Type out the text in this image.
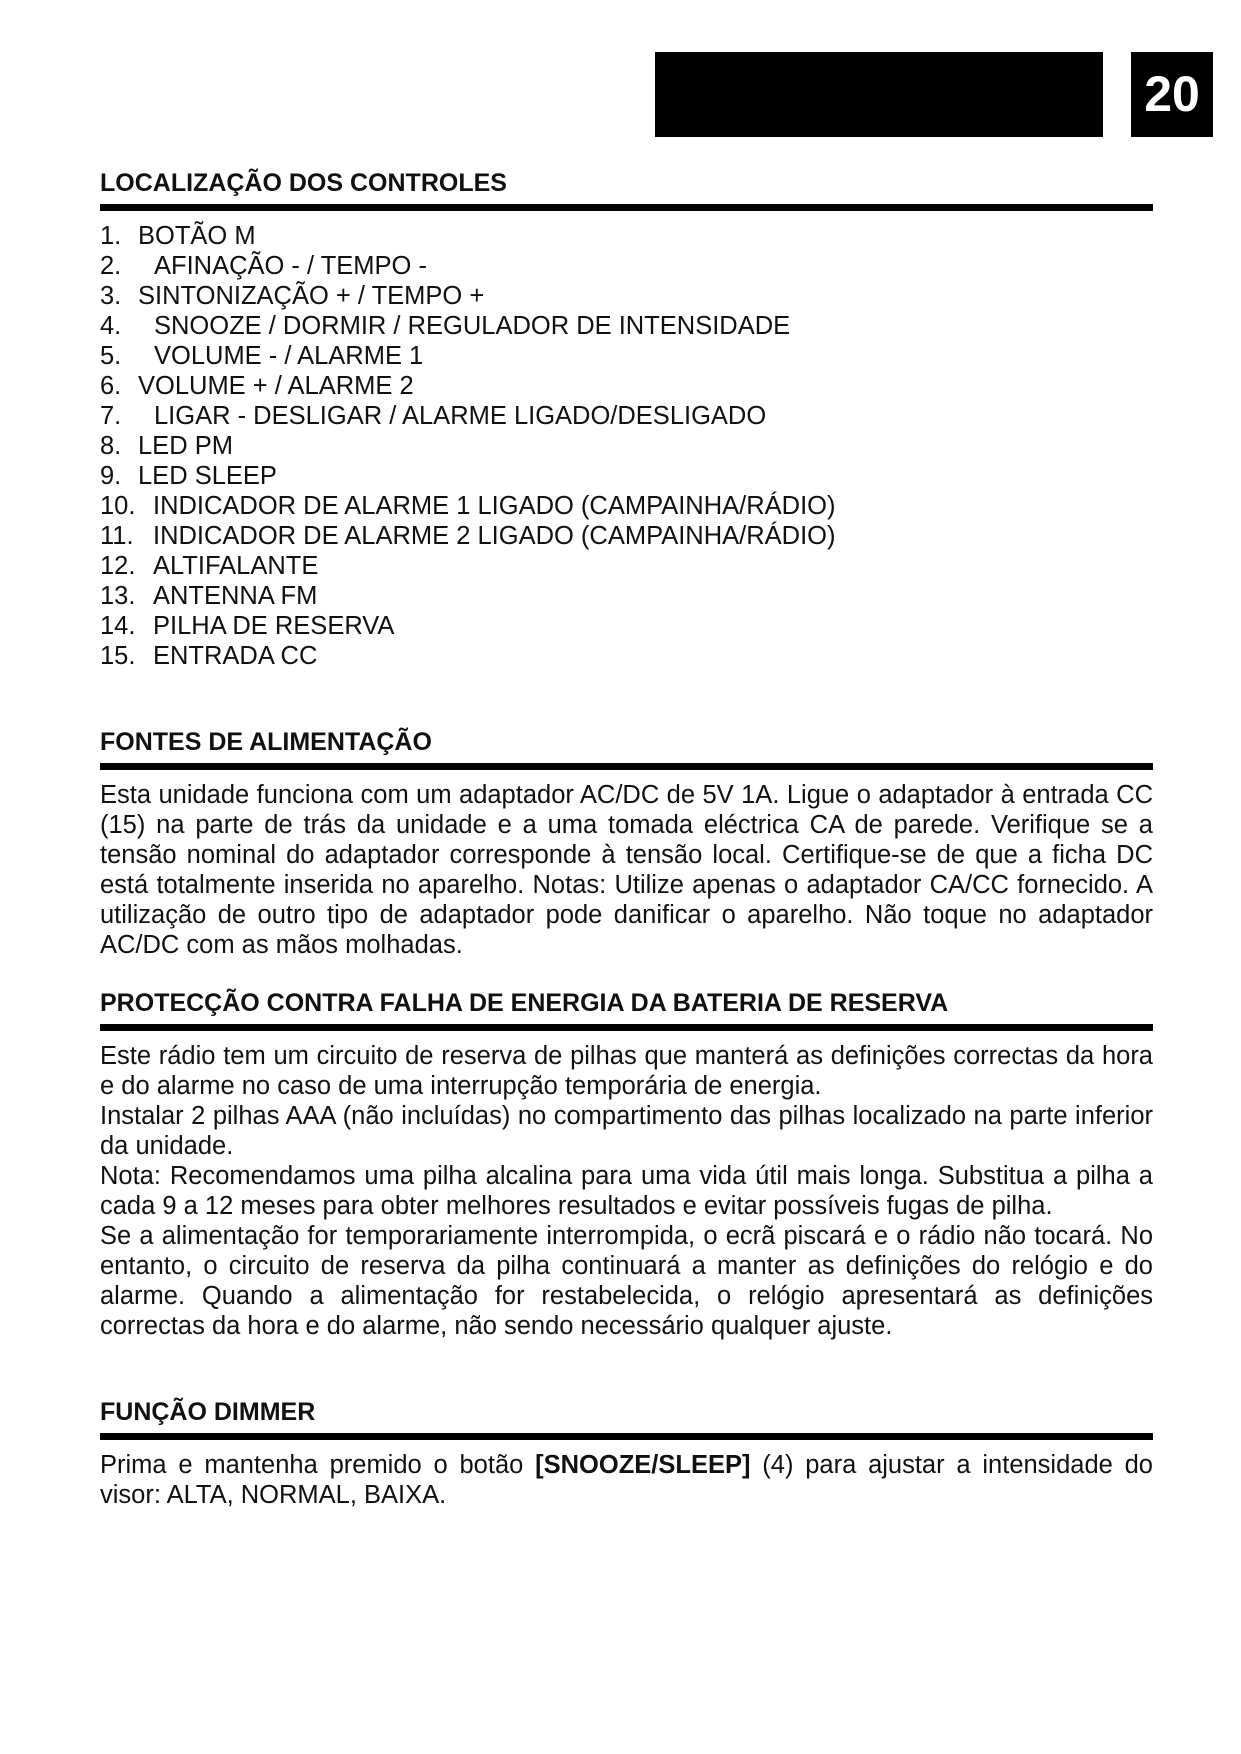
20
LOCALIZAÇÃO DOS CONTROLES
1. BOTÃO M
2.	AFINAÇÃO - / TEMPO -
3. SINTONIZAÇÃO + / TEMPO +
4.	SNOOZE / DORMIR / REGULADOR DE INTENSIDADE
5.	VOLUME - / ALARME 1
6. VOLUME + / ALARME 2
7.	LIGAR - DESLIGAR / ALARME LIGADO/DESLIGADO
8. LED PM
9. LED SLEEP
10. INDICADOR DE ALARME 1 LIGADO (CAMPAINHA/RÁDIO)
11. INDICADOR DE ALARME 2 LIGADO (CAMPAINHA/RÁDIO)
12. ALTIFALANTE
13. ANTENNA FM
14. PILHA DE RESERVA
15. ENTRADA CC
FONTES DE ALIMENTAÇÃO

Esta unidade funciona com um adaptador AC/DC de 5V 1A. Ligue o adaptador à entrada CC (15) na parte de trás da unidade e a uma tomada eléctrica CA de parede. Verifique se a tensão nominal do adaptador corresponde à tensão local. Certifique-se de que a ficha DC está totalmente inserida no aparelho. Notas: Utilize apenas o adaptador CA/CC fornecido. A utilização de outro tipo de adaptador pode danificar o aparelho. Não toque no adaptador AC/DC com as mãos molhadas.

PROTECÇÃO CONTRA FALHA DE ENERGIA DA BATERIA DE RESERVA

Este rádio tem um circuito de reserva de pilhas que manterá as definições correctas da hora e do alarme no caso de uma interrupção temporária de energia.

Instalar 2 pilhas AAA (não incluídas) no compartimento das pilhas localizado na parte inferior da unidade.

Nota: Recomendamos uma pilha alcalina para uma vida útil mais longa. Substitua a pilha a cada 9 a 12 meses para obter melhores resultados e evitar possíveis fugas de pilha.

Se a alimentação for temporariamente interrompida, o ecrã piscará e o rádio não tocará. No entanto, o circuito de reserva da pilha continuará a manter as definições do relógio e do alarme. Quando a alimentação for restabelecida, o relógio apresentará as definições correctas da hora e do alarme, não sendo necessário qualquer ajuste.

FUNÇÃO DIMMER

Prima e mantenha premido o botão [SNOOZE/SLEEP] (4) para ajustar a intensidade do visor: ALTA, NORMAL, BAIXA.
